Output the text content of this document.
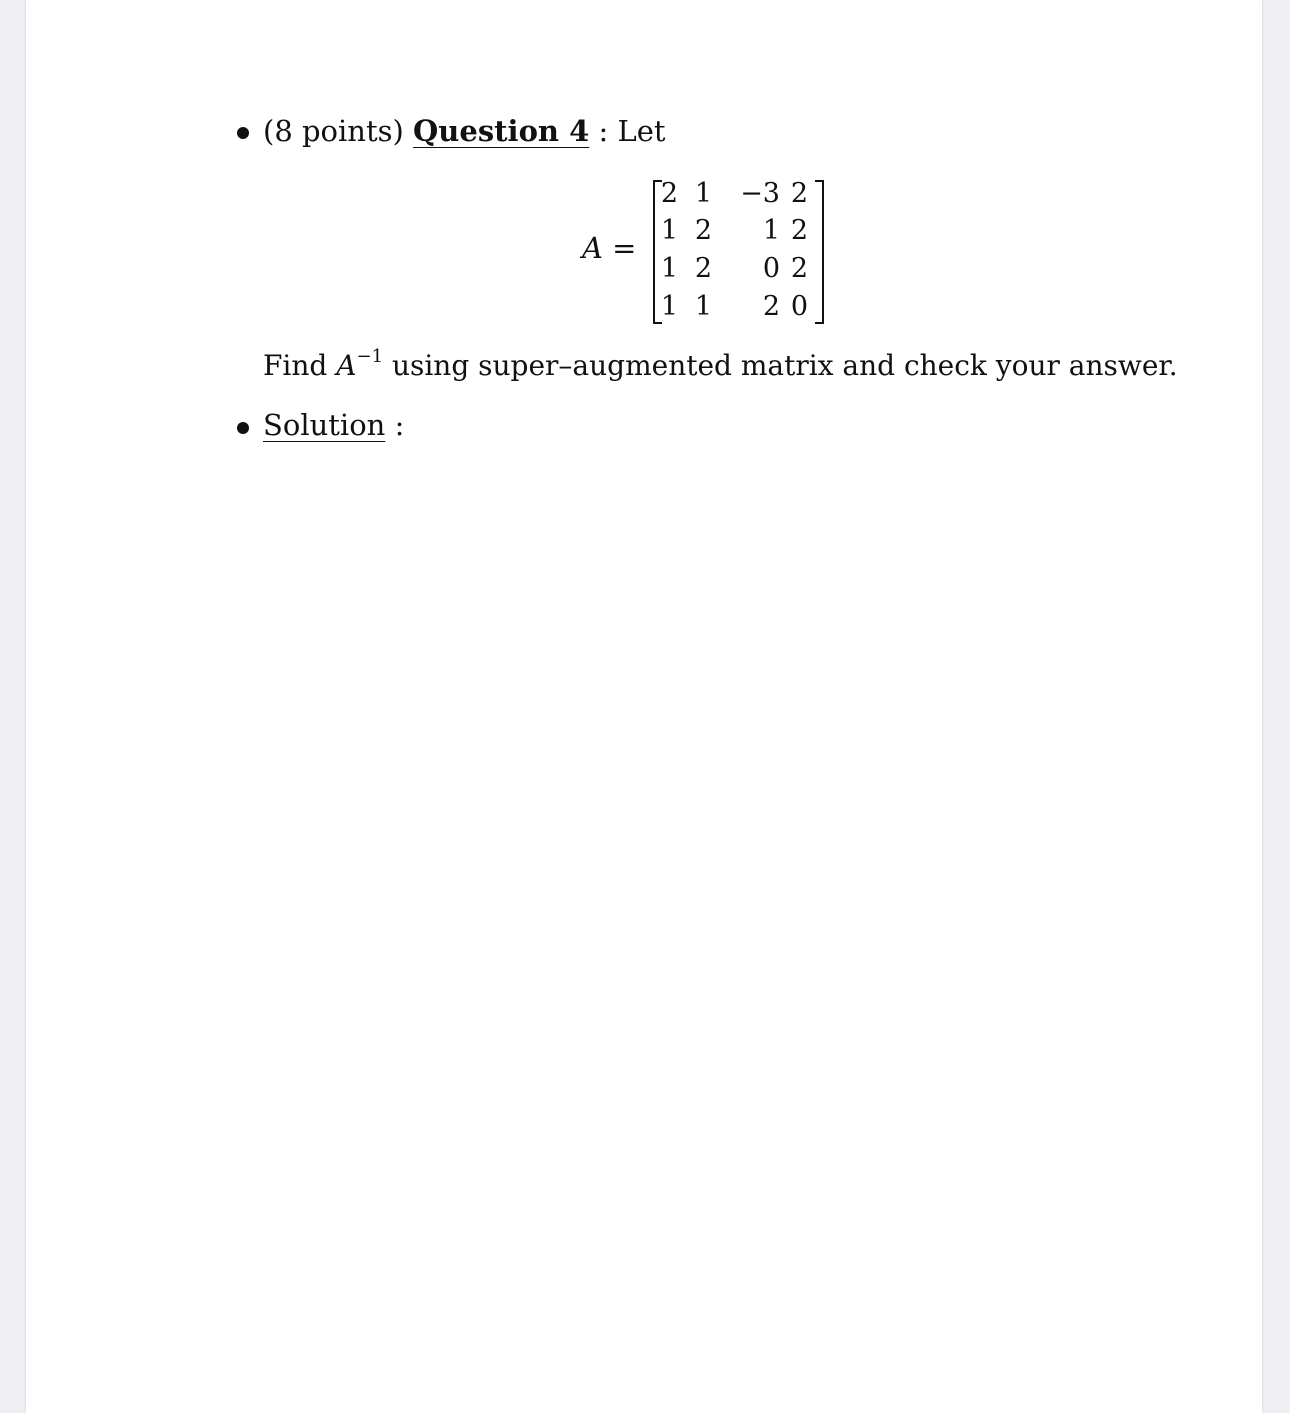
(8 points) Question 4 : Let
A =
2 1 −3 2
1 2	1 2
1 2	0 2
1 1	2 0
Find $A^{-1}$ using super–augmented matrix and check your answer.
Solution :
